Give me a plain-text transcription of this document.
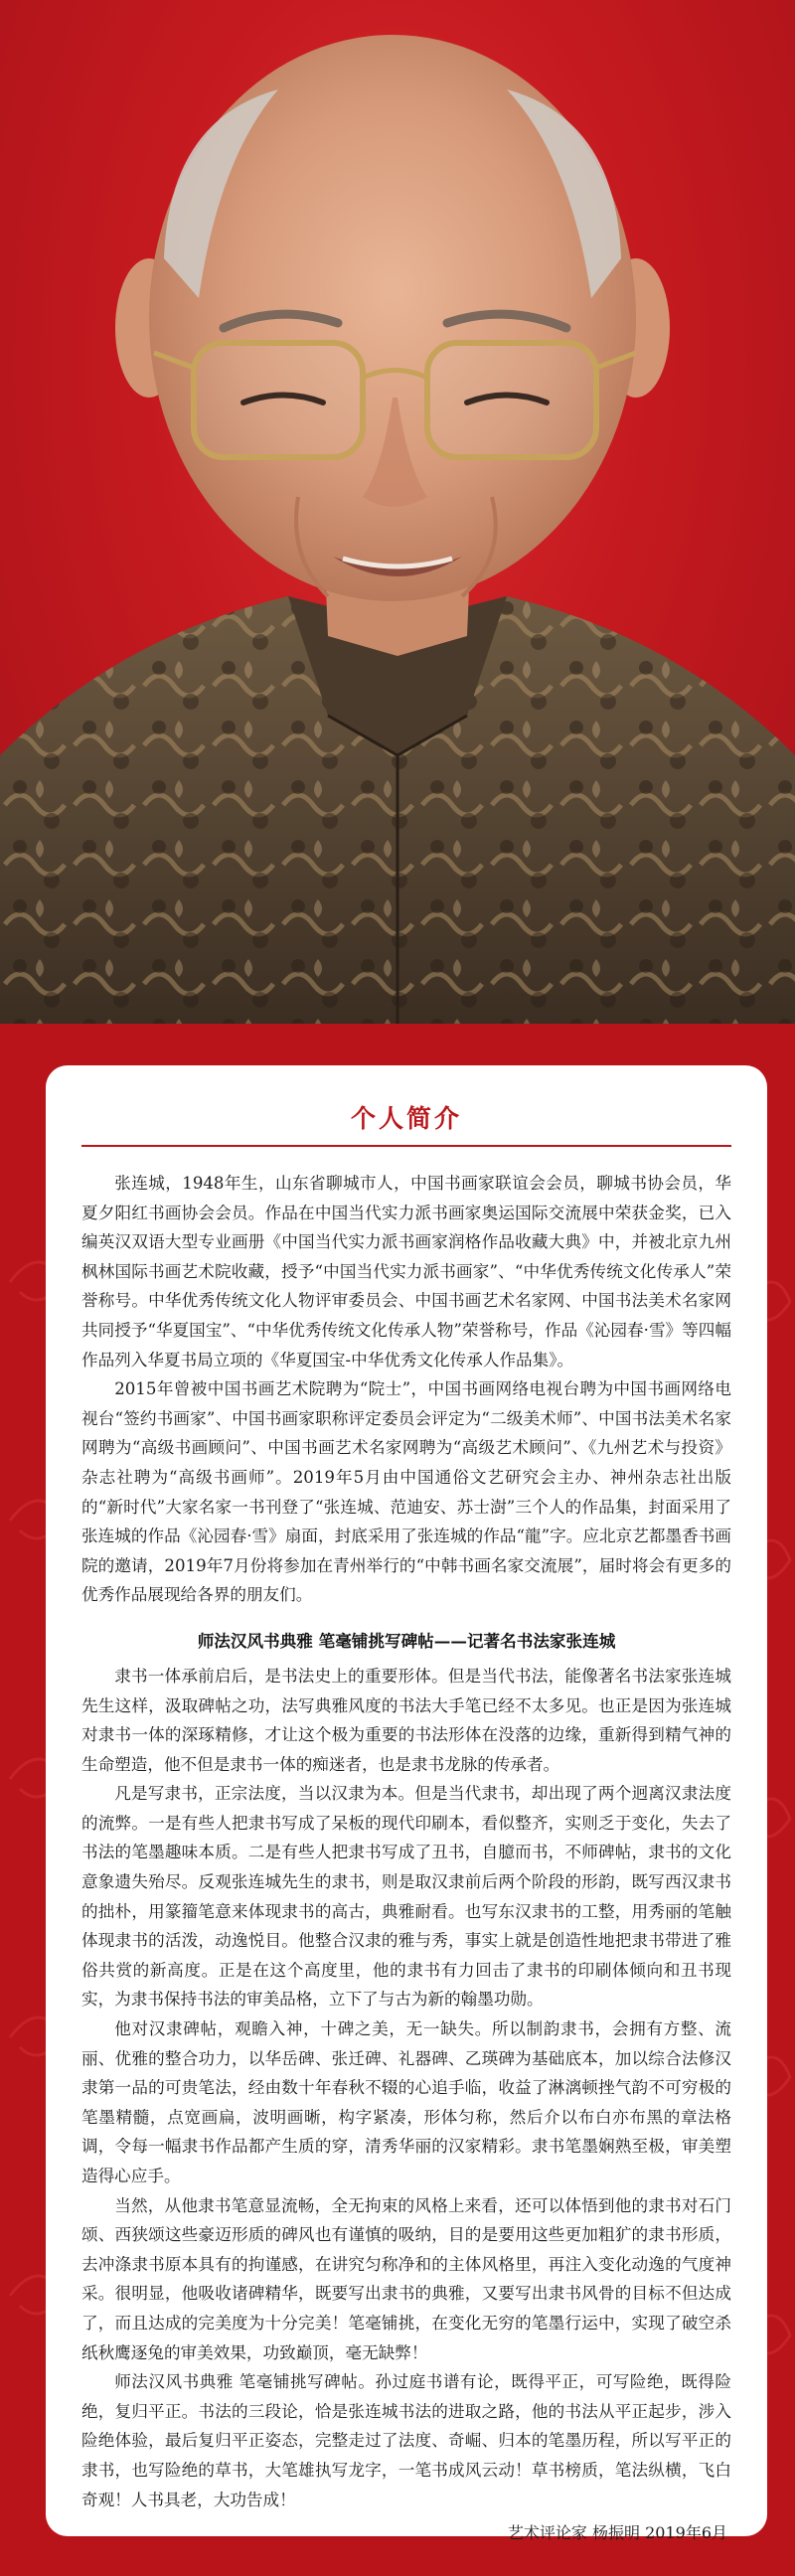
个人简介

张连城，1948年生，山东省聊城市人，中国书画家联谊会会员，聊城书协会员，华夏夕阳红书画协会会员。作品在中国当代实力派书画家奥运国际交流展中荣获金奖，已入编英汉双语大型专业画册《中国当代实力派书画家润格作品收藏大典》中，并被北京九州枫林国际书画艺术院收藏，授予“中国当代实力派书画家”、“中华优秀传统文化传承人”荣誉称号。中华优秀传统文化人物评审委员会、中国书画艺术名家网、中国书法美术名家网共同授予“华夏国宝”、“中华优秀传统文化传承人物”荣誉称号，作品《沁园春·雪》等四幅作品列入华夏书局立项的《华夏国宝-中华优秀文化传承人作品集》。

2015年曾被中国书画艺术院聘为“院士”，中国书画网络电视台聘为中国书画网络电视台“签约书画家”、中国书画家职称评定委员会评定为“二级美术师”、中国书法美术名家网聘为“高级书画顾问”、中国书画艺术名家网聘为“高级艺术顾问”、《九州艺术与投资》杂志社聘为“高级书画师”。2019年5月由中国通俗文艺研究会主办、神州杂志社出版的“新时代”大家名家一书刊登了“张连城、范迪安、苏士澍”三个人的作品集，封面采用了张连城的作品《沁园春·雪》扇面，封底采用了张连城的作品“龍”字。应北京艺都墨香书画院的邀请，2019年7月份将参加在青州举行的“中韩书画名家交流展”，届时将会有更多的优秀作品展现给各界的朋友们。

师法汉风书典雅 笔毫铺挑写碑帖——记著名书法家张连城

隶书一体承前启后，是书法史上的重要形体。但是当代书法，能像著名书法家张连城先生这样，汲取碑帖之功，法写典雅风度的书法大手笔已经不太多见。也正是因为张连城对隶书一体的深琢精修，才让这个极为重要的书法形体在没落的边缘，重新得到精气神的生命塑造，他不但是隶书一体的痴迷者，也是隶书龙脉的传承者。

凡是写隶书，正宗法度，当以汉隶为本。但是当代隶书，却出现了两个迥离汉隶法度的流弊。一是有些人把隶书写成了呆板的现代印刷本，看似整齐，实则乏于变化，失去了书法的笔墨趣味本质。二是有些人把隶书写成了丑书，自臆而书，不师碑帖，隶书的文化意象遗失殆尽。反观张连城先生的隶书，则是取汉隶前后两个阶段的形韵，既写西汉隶书的拙朴，用篆籀笔意来体现隶书的高古，典雅耐看。也写东汉隶书的工整，用秀丽的笔触体现隶书的活泼，动逸悦目。他整合汉隶的雅与秀，事实上就是创造性地把隶书带进了雅俗共赏的新高度。正是在这个高度里，他的隶书有力回击了隶书的印刷体倾向和丑书现实，为隶书保持书法的审美品格，立下了与古为新的翰墨功勋。

他对汉隶碑帖，观瞻入神，十碑之美，无一缺失。所以制韵隶书，会拥有方整、流丽、优雅的整合功力，以华岳碑、张迁碑、礼器碑、乙瑛碑为基础底本，加以综合法修汉隶第一品的可贵笔法，经由数十年春秋不辍的心追手临，收益了淋漓顿挫气韵不可穷极的笔墨精髓，点宽画扁，波明画晰，构字紧凑，形体匀称，然后介以布白亦布黑的章法格调，令每一幅隶书作品都产生质的穿，清秀华丽的汉家精彩。隶书笔墨娴熟至极，审美塑造得心应手。

当然，从他隶书笔意显流畅，全无拘束的风格上来看，还可以体悟到他的隶书对石门颂、西狭颂这些豪迈形质的碑风也有谨慎的吸纳，目的是要用这些更加粗犷的隶书形质，去冲涤隶书原本具有的拘谨感，在讲究匀称净和的主体风格里，再注入变化动逸的气度神采。很明显，他吸收诸碑精华，既要写出隶书的典雅，又要写出隶书风骨的目标不但达成了，而且达成的完美度为十分完美！笔毫铺挑，在变化无穷的笔墨行运中，实现了破空杀纸秋鹰逐兔的审美效果，功致巅顶，毫无缺弊！

师法汉风书典雅 笔毫铺挑写碑帖。孙过庭书谱有论，既得平正，可写险绝，既得险绝，复归平正。书法的三段论，恰是张连城书法的进取之路，他的书法从平正起步，涉入险绝体验，最后复归平正姿态，完整走过了法度、奇崛、归本的笔墨历程，所以写平正的隶书，也写险绝的草书，大笔雄执写龙字，一笔书成风云动！草书榜质，笔法纵横，飞白奇观！人书具老，大功告成！

艺术评论家 杨振明 2019年6月
